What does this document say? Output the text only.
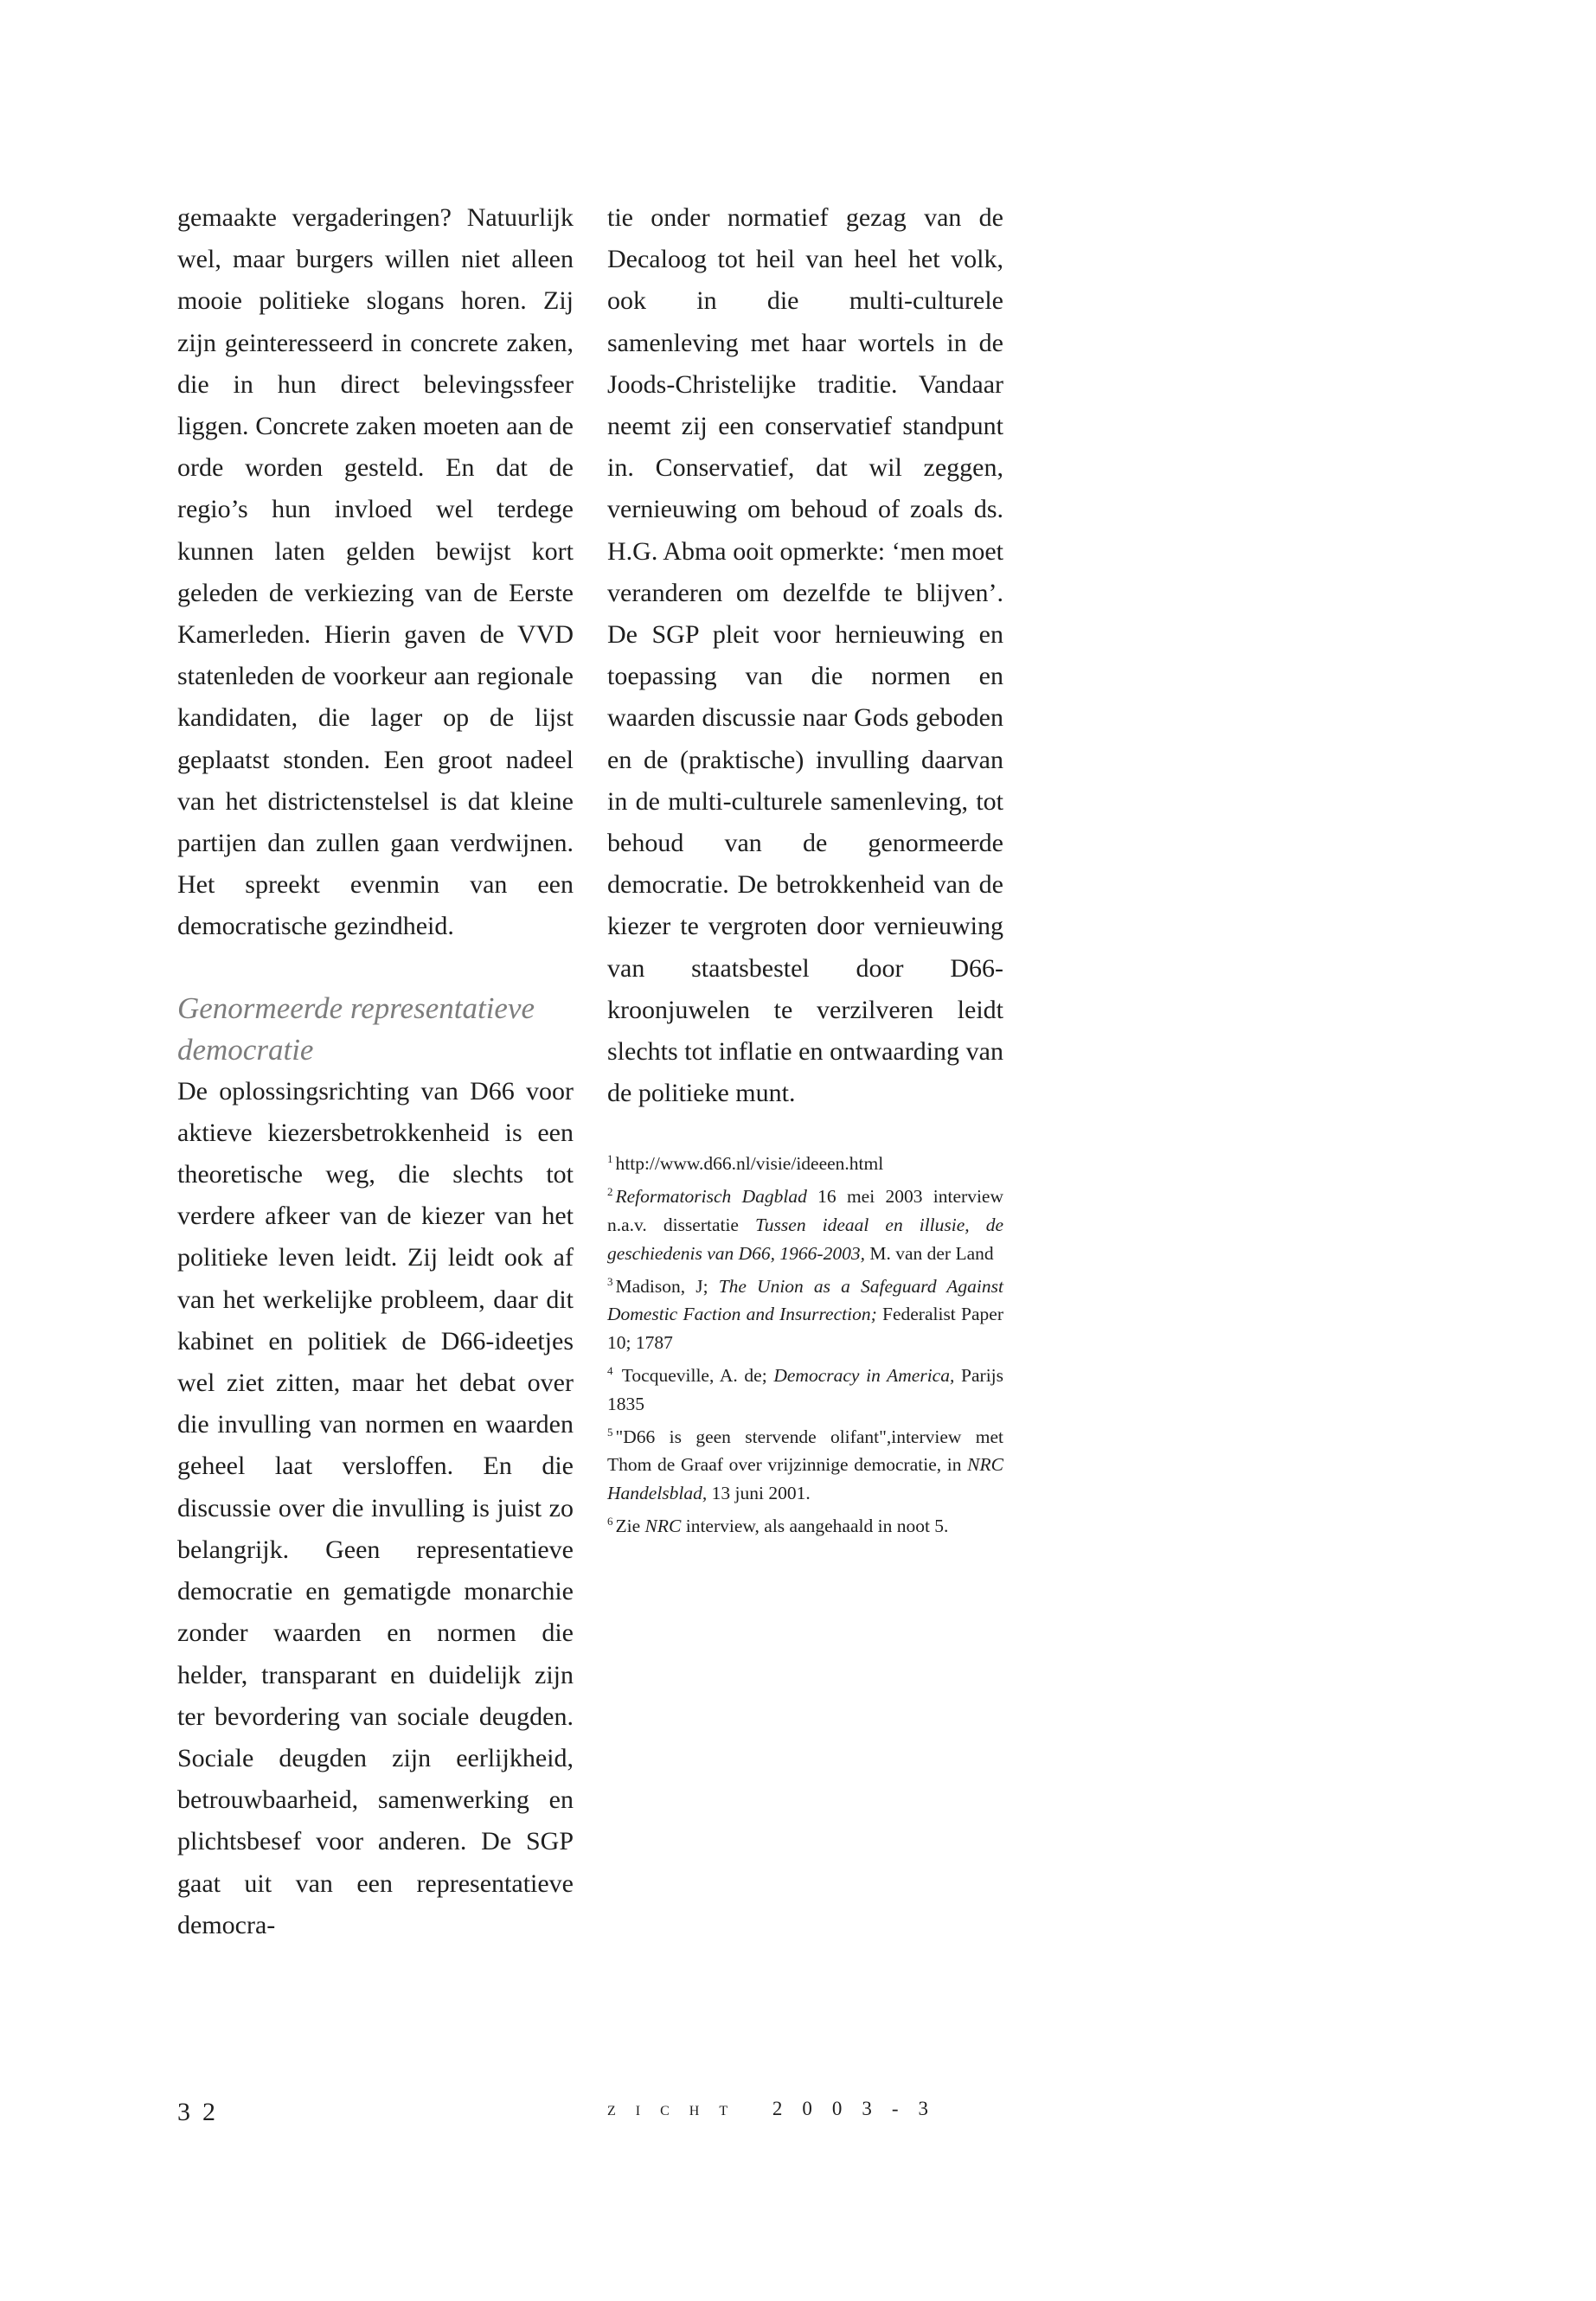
gemaakte vergaderingen? Natuurlijk wel, maar burgers willen niet alleen mooie politieke slogans horen. Zij zijn geinteresseerd in concrete zaken, die in hun direct belevingssfeer liggen. Concrete zaken moeten aan de orde worden gesteld. En dat de regio’s hun invloed wel terdege kunnen laten gelden bewijst kort geleden de verkiezing van de Eerste Kamerleden. Hierin gaven de VVD statenleden de voorkeur aan regionale kandidaten, die lager op de lijst geplaatst stonden. Een groot nadeel van het districtenstelsel is dat kleine partijen dan zullen gaan verdwijnen. Het spreekt evenmin van een democratische gezindheid.

Genormeerde representatieve democratie

De oplossingsrichting van D66 voor aktieve kiezersbetrokkenheid is een theoretische weg, die slechts tot verdere afkeer van de kiezer van het politieke leven leidt. Zij leidt ook af van het werkelijke probleem, daar dit kabinet en politiek de D66-ideetjes wel ziet zitten, maar het debat over die invulling van normen en waarden geheel laat versloffen. En die discussie over die invulling is juist zo belangrijk. Geen representatieve democratie en gematigde monarchie zonder waarden en normen die helder, transparant en duidelijk zijn ter bevordering van sociale deugden. Sociale deugden zijn eerlijkheid, betrouwbaarheid, samenwerking en plichtsbesef voor anderen. De SGP gaat uit van een representatieve democra-

tie onder normatief gezag van de Decaloog tot heil van heel het volk, ook in die multi-culturele samenleving met haar wortels in de Joods-Christelijke traditie. Vandaar neemt zij een conservatief standpunt in. Conservatief, dat wil zeggen, vernieuwing om behoud of zoals ds. H.G. Abma ooit opmerkte: ‘men moet veranderen om dezelfde te blijven’. De SGP pleit voor hernieuwing en toepassing van die normen en waarden discussie naar Gods geboden en de (praktische) invulling daarvan in de multi-culturele samenleving, tot behoud van de genormeerde democratie. De betrokkenheid van de kiezer te vergroten door vernieuwing van staatsbestel door D66-kroonjuwelen te verzilveren leidt slechts tot inflatie en ontwaarding van de politieke munt.

$^1$ http://www.d66.nl/visie/ideeen.html
$^2$ Reformatorisch Dagblad 16 mei 2003 interview n.a.v. dissertatie Tussen ideaal en illusie, de geschiedenis van D66, 1966-2003, M. van der Land
$^3$ Madison, J; The Union as a Safeguard Against Domestic Faction and Insurrection; Federalist Paper 10; 1787
$^4$ Tocqueville, A. de; Democracy in America, Parijs 1835
$^5$ "D66 is geen stervende olifant",interview met Thom de Graaf over vrijzinnige democratie, in NRC Handelsblad, 13 juni 2001.
$^6$ Zie NRC interview, als aangehaald in noot 5.
32	zicht 2003-3
